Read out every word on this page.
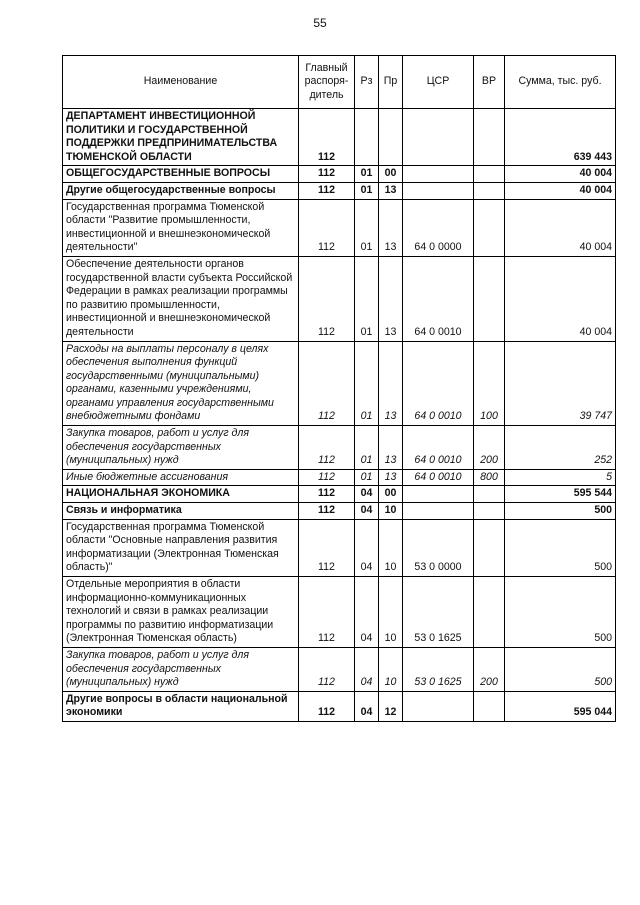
55
Наименование	Главный распоря-дитель	Рз	Пр	ЦСР	ВР	Сумма, тыс. руб.
ДЕПАРТАМЕНТ ИНВЕСТИЦИОННОЙ ПОЛИТИКИ И ГОСУДАРСТВЕННОЙ ПОДДЕРЖКИ ПРЕДПРИНИМАТЕЛЬСТВА ТЮМЕНСКОЙ ОБЛАСТИ	112					639 443
ОБЩЕГОСУДАРСТВЕННЫЕ ВОПРОСЫ	112	01	00			40 004
Другие общегосударственные вопросы	112	01	13			40 004
Государственная программа Тюменской области "Развитие промышленности, инвестиционной и внешнеэкономической деятельности"	112	01	13	64 0 0000		40 004
Обеспечение деятельности органов государственной власти субъекта Российской Федерации в рамках реализации программы по развитию промышленности, инвестиционной и внешнеэкономической деятельности	112	01	13	64 0 0010		40 004
Расходы на выплаты персоналу в целях обеспечения выполнения функций государственными (муниципальными) органами, казенными учреждениями, органами управления государственными внебюджетными фондами	112	01	13	64 0 0010	100	39 747
Закупка товаров, работ и услуг для обеспечения государственных (муниципальных) нужд	112	01	13	64 0 0010	200	252
Иные бюджетные ассигнования	112	01	13	64 0 0010	800	5
НАЦИОНАЛЬНАЯ ЭКОНОМИКА	112	04	00			595 544
Связь и информатика	112	04	10			500
Государственная программа Тюменской области "Основные направления развития информатизации (Электронная Тюменская область)"	112	04	10	53 0 0000		500
Отдельные мероприятия в области информационно-коммуникационных технологий и связи в рамках реализации программы по развитию информатизации (Электронная Тюменская область)	112	04	10	53 0 1625		500
Закупка товаров, работ и услуг для обеспечения государственных (муниципальных) нужд	112	04	10	53 0 1625	200	500
Другие вопросы в области национальной экономики	112	04	12			595 044
